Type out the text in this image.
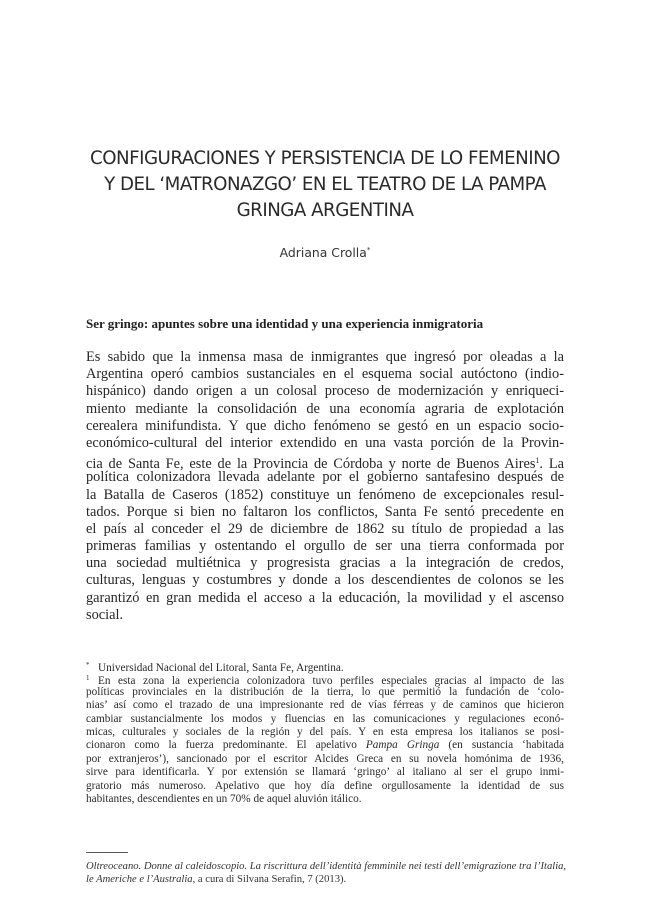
CONFIGURACIONES Y PERSISTENCIA DE LO FEMENINO
Y DEL ‘MATRONAZGO’ EN EL TEATRO DE LA PAMPA
GRINGA ARGENTINA
Adriana Crolla*
Ser gringo: apuntes sobre una identidad y una experiencia inmigratoria
Es sabido que la inmensa masa de inmigrantes que ingresó por oleadas a la
Argentina operó cambios sustanciales en el esquema social autóctono (indio-
hispánico) dando origen a un colosal proceso de modernización y enriqueci-
miento mediante la consolidación de una economía agraria de explotación
cerealera minifundista. Y que dicho fenómeno se gestó en un espacio socio-
económico-cultural del interior extendido en una vasta porción de la Provin-
cia de Santa Fe, este de la Provincia de Córdoba y norte de Buenos Aires$^1$. La
política colonizadora llevada adelante por el gobierno santafesino después de
la Batalla de Caseros (1852) constituye un fenómeno de excepcionales resul-
tados. Porque si bien no faltaron los conflictos, Santa Fe sentó precedente en
el país al conceder el 29 de diciembre de 1862 su título de propiedad a las
primeras familias y ostentando el orgullo de ser una tierra conformada por
una sociedad multiétnica y progresista gracias a la integración de credos,
culturas, lenguas y costumbres y donde a los descendientes de colonos se les
garantizó en gran medida el acceso a la educación, la movilidad y el ascenso
social.
* Universidad Nacional del Litoral, Santa Fe, Argentina.
1 En esta zona la experiencia colonizadora tuvo perfiles especiales gracias al impacto de las
políticas provinciales en la distribución de la tierra, lo que permitió la fundación de ‘colo-
nias’ así como el trazado de una impresionante red de vías férreas y de caminos que hicieron
cambiar sustancialmente los modos y fluencias en las comunicaciones y regulaciones econó-
micas, culturales y sociales de la región y del país. Y en esta empresa los italianos se posi-
cionaron como la fuerza predominante. El apelativo Pampa Gringa (en sustancia ‘habitada
por extranjeros’), sancionado por el escritor Alcides Greca en su novela homónima de 1936,
sirve para identificarla. Y por extensión se llamará ‘gringo’ al italiano al ser el grupo inmi-
gratorio más numeroso. Apelativo que hoy día define orgullosamente la identidad de sus
habitantes, descendientes en un 70% de aquel aluvión itálico.
Oltreoceano. Donne al caleidoscopio. La riscrittura dell’identità femminile nei testi dell’emigrazione tra l’Italia,
le Americhe e l’Australia, a cura di Silvana Serafin, 7 (2013).
